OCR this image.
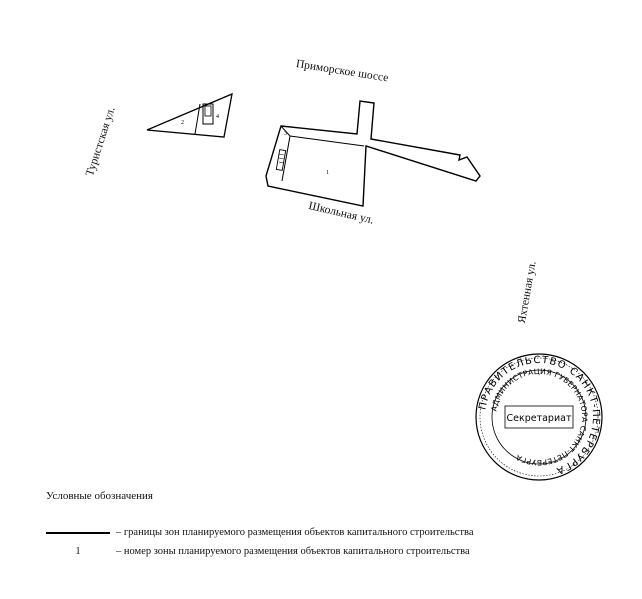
2
4
3
1
Приморское шоссе
Туристская ул.
Школьная ул.
Яхтенная ул.
ПРАВИТЕЛЬСТВО САНКТ-ПЕТЕРБУРГА
АДМИНИСТРАЦИЯ ГУБЕРНАТОРА САНКТ-ПЕТЕРБУРГА
Секретариат
Условные обозначения
– границы зон планируемого размещения объектов капитального строительства
1	– номер зоны планируемого размещения объектов капитального строительства
